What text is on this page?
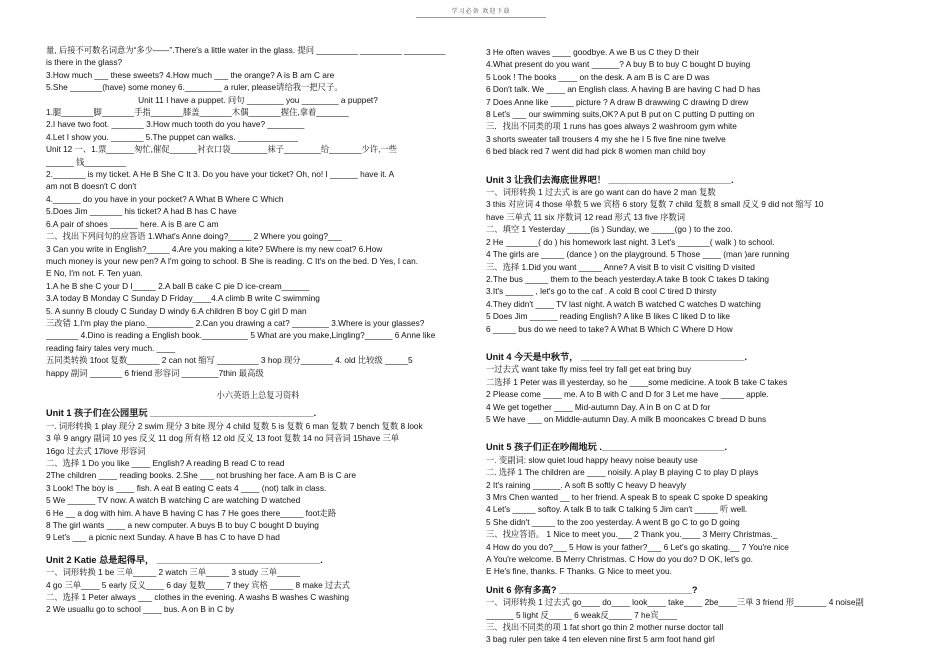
学习必备 欢迎下载
量, 后接不可数名词意为“多少——”.There′s a little water in the glass. 提问 _________ _________ _________
is there in the glass?
3.How much ___ these sweets? 4.How much ___ the orange? A is B am C are
5.She _______(have) some money 6.________ a ruler, please请给我一把尺子。
Unit 11 I have a puppet. 问句 ________ you ________ a puppet?
1.腿_______脚_______手指_______膝盖_______木偶_______握住,拿着_______
2.I have two foot. _______ 3.How much tooth do you have? ________
4.Let I show you. _______ 5.The puppet can walks. _____________
Unit 12 一、1.票______匆忙,催促______衬衣口袋________袜子________给_______少许,一些
______ 钱_________
2._______ is my ticket. A He B She C It 3. Do you have your ticket? Oh, no! I ______ have it. A
am not B doesn′t C don′t
4.______ do you have in your pocket? A What B Where C Which
5.Does Jim _______ his ticket? A had B has C have
6.A pair of shoes ______ here. A is B are C am
二、找出下列问句的应答语 1.What′s Anne doing?_____ 2 Where you going?___
3 Can you write in English?_____ 4.Are you making a kite? 5Where is my new coat? 6.How
much money is your new pen? A I′m going to school. B She is reading. C It′s on the bed. D Yes, I can.
E No, I′m not. F. Ten yuan.
1.A he B she C your D I_____ 2.A ball B cake C pie D ice-cream______
3.A today B Monday C Sunday D Friday____4.A climb B write C swimming
5. A sunny B cloudy C Sunday D windy 6.A children B boy C girl D man
三改错 1.I′m play the piano.__________ 2.Can you drawing a cat? ________ 3.Where is your glasses?
_______ 4.Dino is reading a English book.__________ 5 What are you make,Lingling?______ 6 Anne like
reading fairy tales very much. ____
五同类转换 1foot 复数_______ 2 can not 缩写 _________ 3 hop 现分_______ 4. old 比较级 _____5
happy 副词 _______ 6 friend 形容词 ________7thin 最高级
小六英语上总复习资料
Unit 1 孩子们在公园里玩 ________________________________.
一. 词形转换 1 play 现分 2 swim 现分 3 bite 现分 4 child 复数 5 is 复数 6 man 复数 7 bench 复数 8 look
3 单 9 angry 副词 10 yes 反义 11 dog 所有格 12 old 反义 13 foot 复数 14 no 同音词 15have 三单
16go 过去式 17love 形容词
二、选择 1 Do you like ____ English? A reading B read C to read
2The children ____ reading books. 2.She ___ not brushing her face. A am B is C are
3 Look! The boy is ____ fish. A eat B eating C eats 4 ____ (not) talk in class.
5 We ______ TV now. A watch B watching C are watching D watched
6 He __ a dog with him. A have B having C has 7 He goes there_____ foot走路
8 The girl wants ____ a new computer. A buys B to buy C bought D buying
9 Let′s ___ a picnic next Sunday. A have B has C to have D had
Unit 2 Katie 总是起得早， ________________________________.
一、词形转换 1 be 三单_____ 2 watch 三单_____ 3 study 三单_____
4 go 三单____ 5 early 反义____ 6 day 复数____ 7 they 宾格 _____ 8 make 过去式
二、选择 1 Peter always ___ clothes in the evening. A washs B washes C washing
2 We usuallu go to school ____ bus. A on B in C by
3 He often waves ____ goodbye. A we B us C they D their
4.What present do you want ______? A buy B to buy C bought D buying
5 Look ! The books ____ on the desk. A am B is C are D was
6 Don′t talk. We ____ an English class. A having B are having C had D has
7 Does Anne like _____ picture ? A draw B drawwing C drawing D drew
8 Let′s ___ our swimming suits,OK? A put B put on C putting D putting on
三．找出不同类的项 1 runs has goes always 2 washroom gym white
3 shorts sweater tall trousers 4 my she he I 5 five fine nine twelve
6 bed black red 7 went did had pick 8 women man child boy
Unit 3 让我们去海底世界吧！ ________________________.
一、词形转换 1 过去式 is are go want can do have 2 man 复数
3 this 对应词 4 those 单数 5 we 宾格 6 story 复数 7 child 复数 8 small 反义 9 did not 缩写 10
have 三单式 11 six 序数词 12 read 形式 13 five 序数词
二、填空 1 Yesterday _____(is ) Sunday, we _____(go ) to the zoo.
2 He _______( do ) his homework last night. 3 Let′s _______( walk ) to school.
4 The girls are _____ (dance ) on the playground. 5 Those ____ (man )are running
三、选择 1.Did you want _____ Anne? A visit B to visit C visiting D visited
2.The bus _____ them to the beach yesterday.A take B took C takes D taking
3.It′s ______ , let′s go to the caf . A cold B cool C tired D thirsty
4.They didn′t ____ TV last night. A watch B watched C watches D watching
5 Does Jim ______ reading English? A like B likes C liked D to like
6 _____ bus do we need to take? A What B Which C Where D How
Unit 4 今天是中秋节， ________________________________.
一过去式 want take fly miss feel try fall get eat bring buy
二选择 1 Peter was ill yesterday, so he ____some medicine. A took B take C takes
2 Please come ____ me. A to B with C and D for 3 Let me have _____ apple.
4 We get together ____ Mid-autumn Day. A in B on C at D for
5 We have ___ on Middle-autumn Day. A milk B mooncakes C bread D buns
Unit 5 孩子们正在吵闹地玩 .________________________.
一. 变副词: slow quiet loud happy heavy noise beauty use
二. 选择 1 The children are ____ noisily. A play B playing C to play D plays
2 It′s raining ______. A soft B softly C heavy D heavyly
3 Mrs Chen wanted __ to her friend. A speak B to speak C spoke D speaking
4 Let′s _____ softoy. A talk B to talk C talking 5 Jim can′t _____ 听 well.
5 She didn′t _____ to the zoo yesterday. A went B go C to go D going
三、找应答语。 1 Nice to meet you.___ 2 Thank you.____ 3 Merry Christmas._
4 How do you do?___ 5 How is your father?___ 6 Let′s go skating.__ 7 You′re nice
A You′re welcome. B Merry Christmas. C How do you do? D OK, let′s go.
E He′s fine, thanks. F Thanks. G Nice to meet you.
Unit 6 你有多高? __________________________?
一、词形转换 1 过去式 go____ do____ look____ take____ 2be____三单 3 friend 形_______ 4 noise副
______ 5 light 反_____ 6 weak反_____ 7 he宾____
三、找出不同类的项 1 fat short go thin 2 mother nurse doctor tall
3 bag ruler pen take 4 ten eleven nine first 5 arm foot hand girl
